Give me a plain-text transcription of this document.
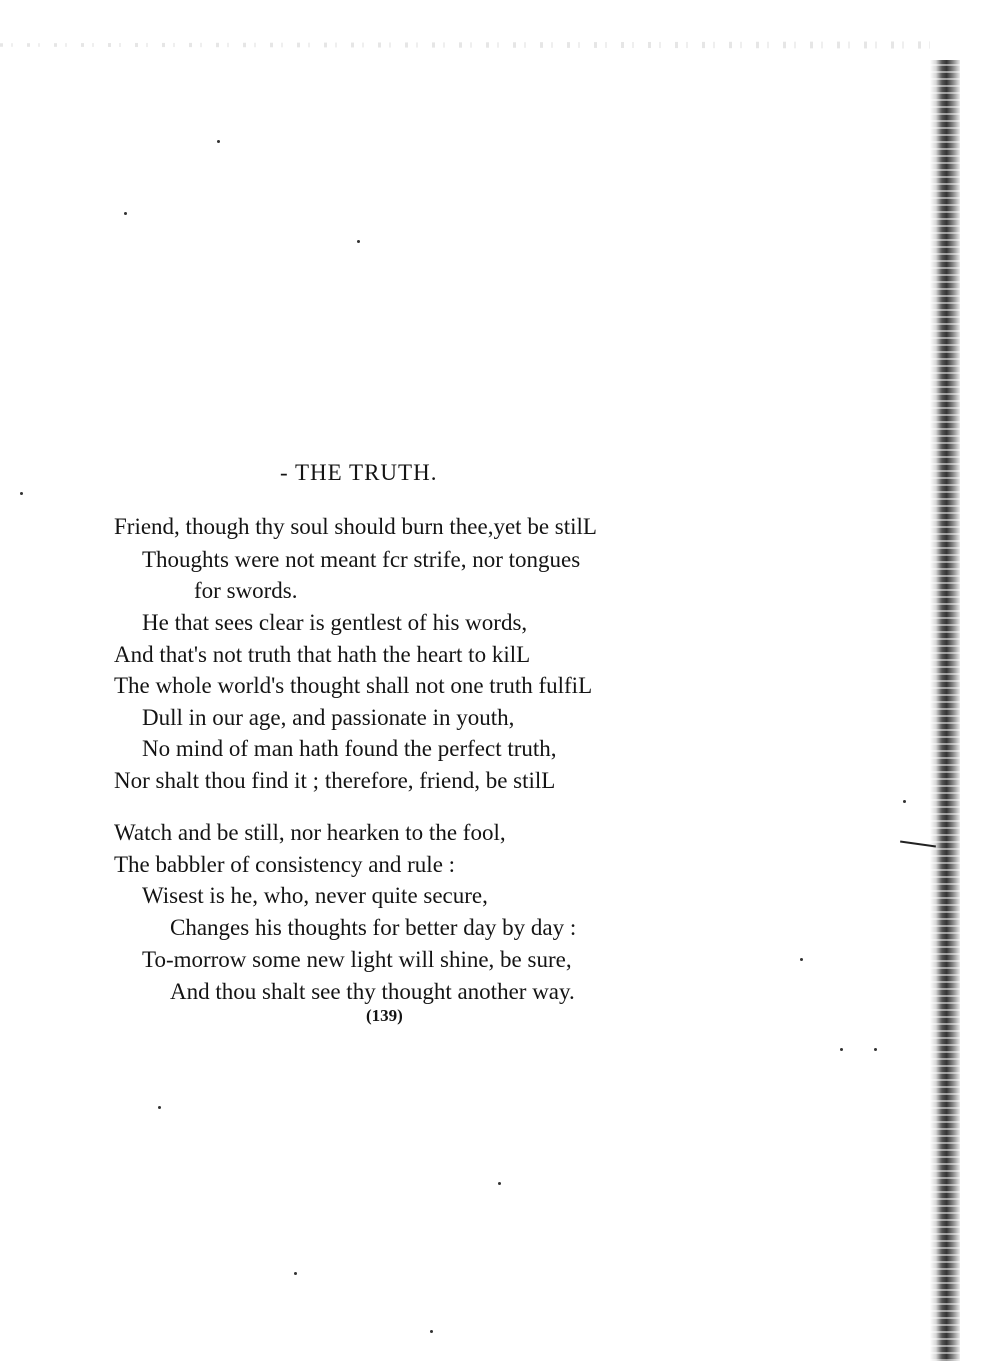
- THE TRUTH.
Friend, though thy soul should burn thee,yet be stilL
Thoughts were not meant fcr strife, nor tongues
for swords.
He that sees clear is gentlest of his words,
And that's not truth that hath the heart to kilL
The whole world's thought shall not one truth fulfiL
Dull in our age, and passionate in youth,
No mind of man hath found the perfect truth,
Nor shalt thou find it ; therefore, friend, be stilL
Watch and be still, nor hearken to the fool,
The babbler of consistency and rule :
Wisest is he, who, never quite secure,
Changes his thoughts for better day by day :
To-morrow some new light will shine, be sure,
And thou shalt see thy thought another way.
(139)
